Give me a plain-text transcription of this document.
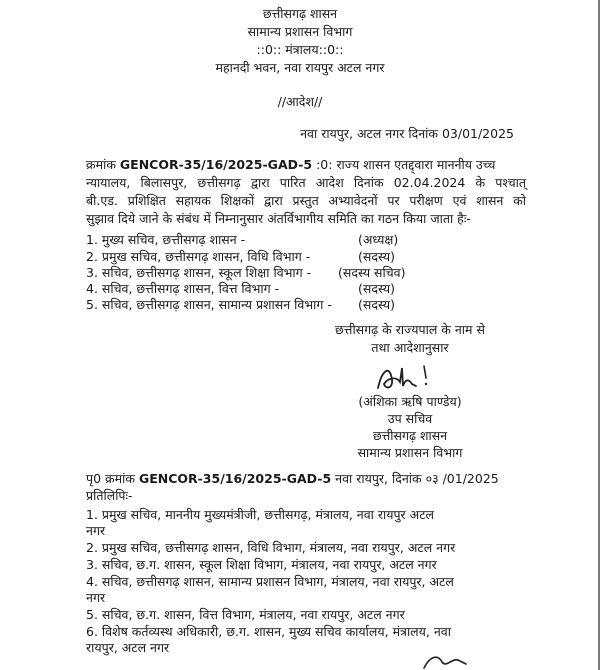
छत्तीसगढ़ शासन
सामान्य प्रशासन विभाग
::0:: मंत्रालय::0::
महानदी भवन, नवा रायपुर अटल नगर
//आदेश//
नवा रायपुर, अटल नगर दिनांक 03/01/2025
क्रमांक GENCOR-35/16/2025-GAD-5 :0: राज्य शासन एतद्द्वारा माननीय उच्च
न्यायालय, बिलासपुर, छत्तीसगढ़ द्वारा पारित आदेश दिनांक 02.04.2024 के पश्चात्
बी.एड. प्रशिक्षित सहायक शिक्षकों द्वारा प्रस्तुत अभ्यावेदनों पर परीक्षण एवं शासन को
सुझाव दिये जाने के संबंध में निम्नानुसार अंतर्विभागीय समिति का गठन किया जाता हैः-
1. मुख्य सचिव, छत्तीसगढ़ शासन -	(अध्यक्ष)
2. प्रमुख सचिव, छत्तीसगढ़ शासन, विधि विभाग -	(सदस्य)
3. सचिव, छत्तीसगढ़ शासन, स्कूल शिक्षा विभाग - (सदस्य सचिव)
4. सचिव, छत्तीसगढ़ शासन, वित्त विभाग -	(सदस्य)
5. सचिव, छत्तीसगढ़ शासन, सामान्य प्रशासन विभाग - (सदस्य)
छत्तीसगढ़ के राज्यपाल के नाम से
तथा आदेशानुसार
(अंशिका ऋषि पाण्डेय)
उप सचिव
छत्तीसगढ़ शासन
सामान्य प्रशासन विभाग
पृ0 क्रमांक GENCOR-35/16/2025-GAD-5 नवा रायपुर, दिनांक ०३ /01/2025
प्रतिलिपिः-
1. प्रमुख सचिव, माननीय मुख्यमंत्रीजी, छत्तीसगढ़, मंत्रालय, नवा रायपुर अटल
नगर
2. प्रमुख सचिव, छत्तीसगढ़ शासन, विधि विभाग, मंत्रालय, नवा रायपुर, अटल नगर
3. सचिव, छ.ग. शासन, स्कूल शिक्षा विभाग, मंत्रालय, नवा रायपुर, अटल नगर
4. सचिव, छत्तीसगढ़ शासन, सामान्य प्रशासन विभाग, मंत्रालय, नवा रायपुर, अटल
नगर
5. सचिव, छ.ग. शासन, वित्त विभाग, मंत्रालय, नवा रायपुर, अटल नगर
6. विशेष कर्तव्यस्थ अधिकारी, छ.ग. शासन, मुख्य सचिव कार्यालय, मंत्रालय, नवा
रायपुर, अटल नगर
